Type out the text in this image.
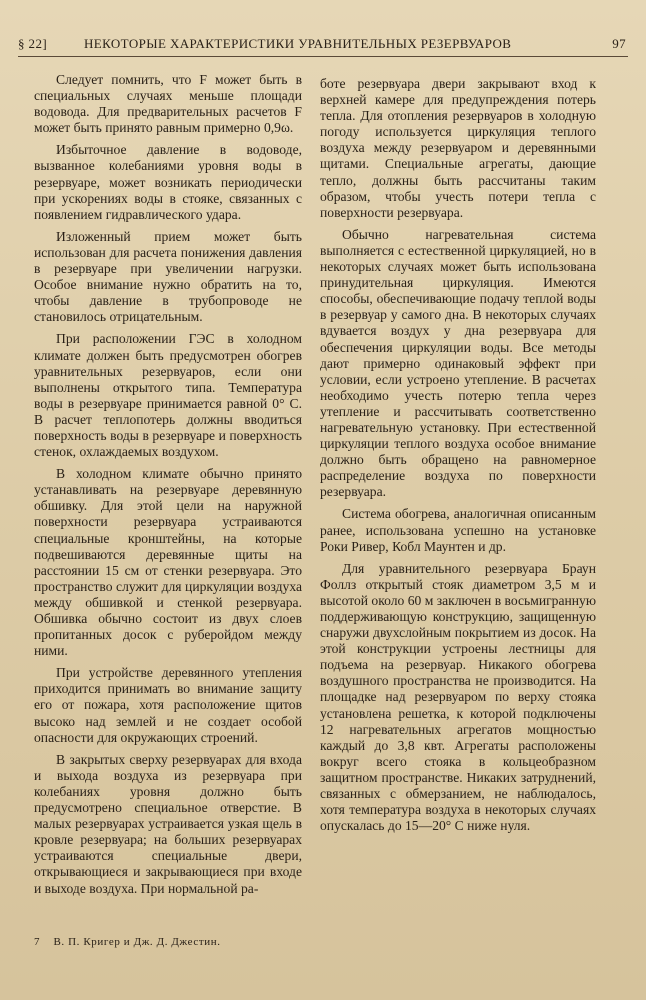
§ 22]	НЕКОТОРЫЕ ХАРАКТЕРИСТИКИ УРАВНИТЕЛЬНЫХ РЕЗЕРВУАРОВ	97

Следует помнить, что F может быть в специальных случаях меньше площади водовода. Для предварительных расчетов F может быть принято равным примерно 0,9ω.

Избыточное давление в водоводе, вызванное колебаниями уровня воды в резервуаре, может возникать периодически при ускорениях воды в стояке, связанных с появлением гидравлического удара.

Изложенный прием может быть использован для расчета понижения давления в резервуаре при увеличении нагрузки. Особое внимание нужно обратить на то, чтобы давление в трубопроводе не становилось отрицательным.

При расположении ГЭС в холодном климате должен быть предусмотрен обогрев уравнительных резервуаров, если они выполнены открытого типа. Температура воды в резервуаре принимается равной 0° С. В расчет теплопотерь должны вводиться поверхность воды в резервуаре и поверхность стенок, охлаждаемых воздухом.

В холодном климате обычно принято устанавливать на резервуаре деревянную обшивку. Для этой цели на наружной поверхности резервуара устраиваются специальные кронштейны, на которые подвешиваются деревянные щиты на расстоянии 15 см от стенки резервуара. Это пространство служит для циркуляции воздуха между обшивкой и стенкой резервуара. Обшивка обычно состоит из двух слоев пропитанных досок с руберойдом между ними.

При устройстве деревянного утепления приходится принимать во внимание защиту его от пожара, хотя расположение щитов высоко над землей и не создает особой опасности для окружающих строений.

В закрытых сверху резервуарах для входа и выхода воздуха из резервуара при колебаниях уровня должно быть предусмотрено специальное отверстие. В малых резервуарах устраивается узкая щель в кровле резервуара; на больших резервуарах устраиваются специальные двери, открывающиеся и закрывающиеся при входе и выходе воздуха. При нормальной ра-

боте резервуара двери закрывают вход к верхней камере для предупреждения потерь тепла. Для отопления резервуаров в холодную погоду используется циркуляция теплого воздуха между резервуаром и деревянными щитами. Специальные агрегаты, дающие тепло, должны быть рассчитаны таким образом, чтобы учесть потери тепла с поверхности резервуара.

Обычно нагревательная система выполняется с естественной циркуляцией, но в некоторых случаях может быть использована принудительная циркуляция. Имеются способы, обеспечивающие подачу теплой воды в резервуар у самого дна. В некоторых случаях вдувается воздух у дна резервуара для обеспечения циркуляции воды. Все методы дают примерно одинаковый эффект при условии, если устроено утепление. В расчетах необходимо учесть потерю тепла через утепление и рассчитывать соответственно нагревательную установку. При естественной циркуляции теплого воздуха особое внимание должно быть обращено на равномерное распределение воздуха по поверхности резервуара.

Система обогрева, аналогичная описанным ранее, использована успешно на установке Роки Ривер, Кобл Маунтен и др.

Для уравнительного резервуара Браун Фоллз открытый стояк диаметром 3,5 м и высотой около 60 м заключен в восьмигранную поддерживающую конструкцию, защищенную снаружи двухслойным покрытием из досок. На этой конструкции устроены лестницы для подъема на резервуар. Никакого обогрева воздушного пространства не производится. На площадке над резервуаром по верху стояка установлена решетка, к которой подключены 12 нагревательных агрегатов мощностью каждый до 3,8 квт. Агрегаты расположены вокруг всего стояка в кольцеобразном защитном пространстве. Никаких затруднений, связанных с обмерзанием, не наблюдалось, хотя температура воздуха в некоторых случаях опускалась до 15—20° С ниже нуля.

7 В. П. Кригер и Дж. Д. Джестин.
